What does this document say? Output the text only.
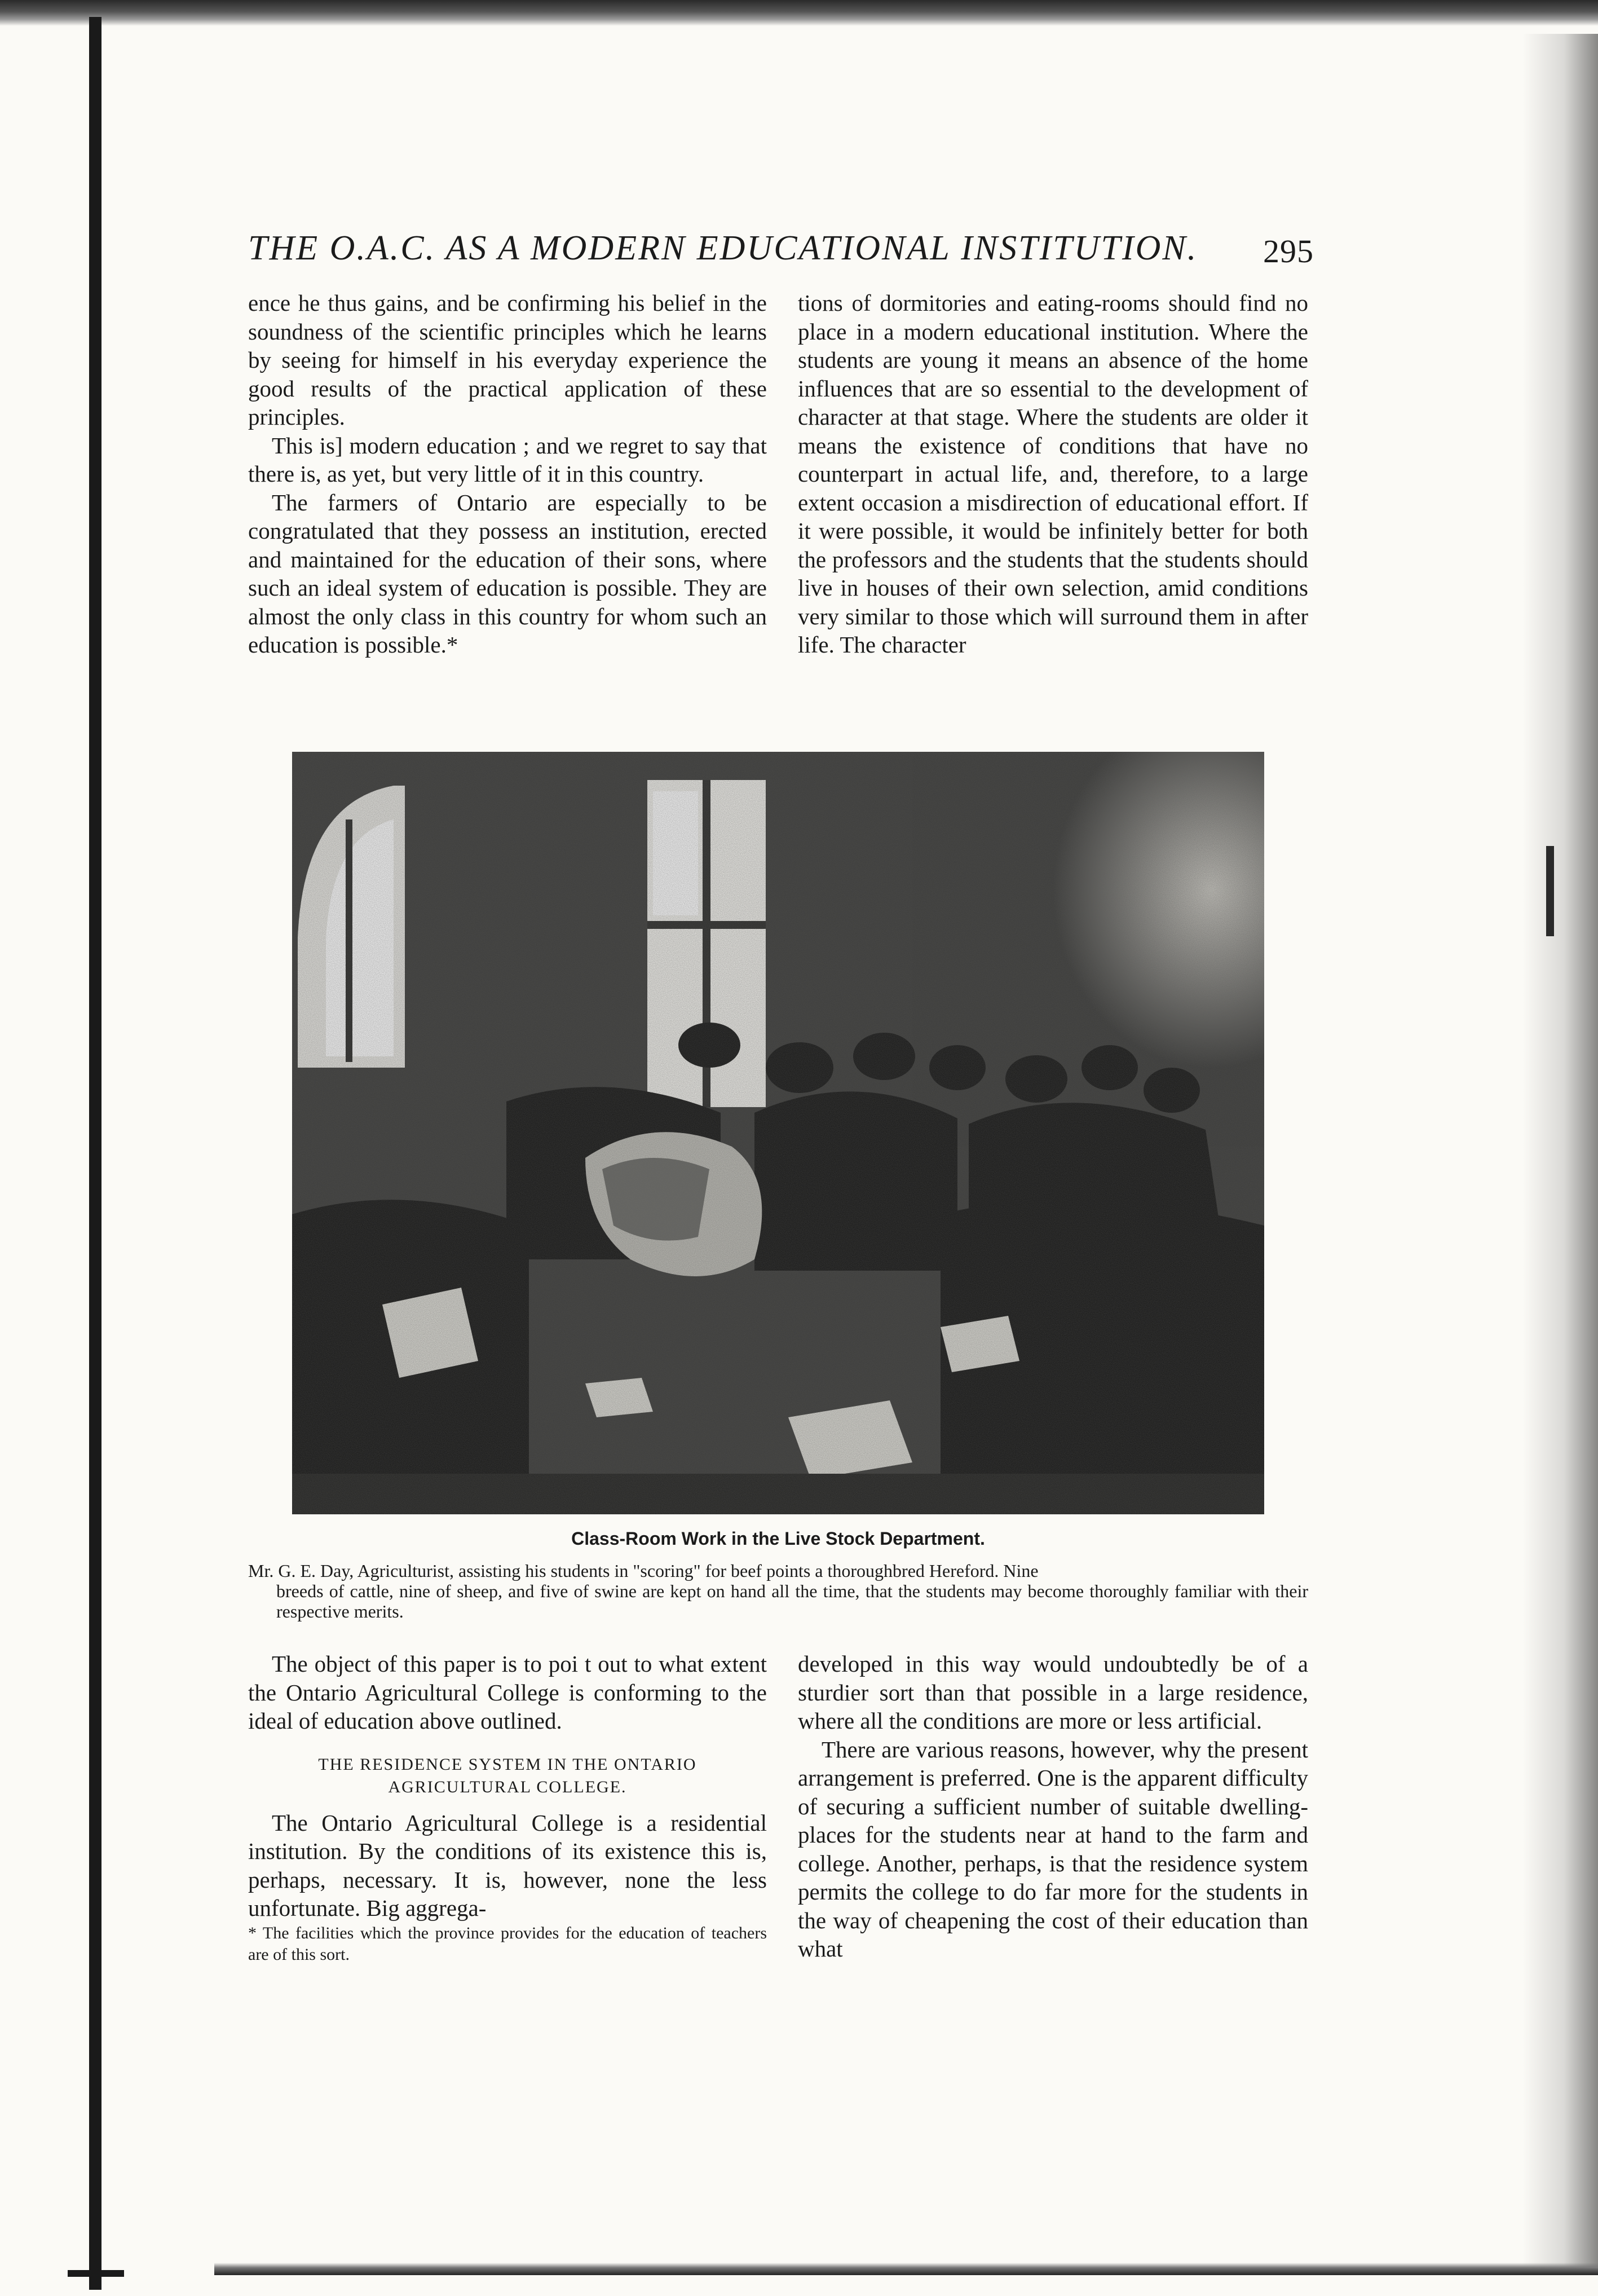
THE O.A.C. AS A MODERN EDUCATIONAL INSTITUTION.	295

ence he thus gains, and be confirming his belief in the soundness of the scientific principles which he learns by seeing for himself in his everyday experience the good results of the practical application of these principles.

This is] modern education ; and we regret to say that there is, as yet, but very little of it in this country.

The farmers of Ontario are especially to be congratulated that they possess an institution, erected and maintained for the education of their sons, where such an ideal system of education is possible. They are almost the only class in this country for whom such an education is possible.*

tions of dormitories and eating-rooms should find no place in a modern educational institution. Where the students are young it means an absence of the home influences that are so essential to the development of character at that stage. Where the students are older it means the existence of conditions that have no counterpart in actual life, and, therefore, to a large extent occasion a misdirection of educational effort. If it were possible, it would be infinitely better for both the professors and the students that the students should live in houses of their own selection, amid conditions very similar to those which will surround them in after life. The character

Class-Room Work in the Live Stock Department.
Mr. G. E. Day, Agriculturist, assisting his students in "scoring" for beef points a thoroughbred Hereford. Nine
breeds of cattle, nine of sheep, and five of swine are kept on hand all the time, that the students may become thoroughly familiar with their respective merits.

The object of this paper is to poi t out to what extent the Ontario Agricultural College is conforming to the ideal of education above outlined.

THE RESIDENCE SYSTEM IN THE ONTARIO AGRICULTURAL COLLEGE.

The Ontario Agricultural College is a residential institution. By the conditions of its existence this is, perhaps, necessary. It is, however, none the less unfortunate. Big aggrega-

* The facilities which the province provides for the education of teachers are of this sort.

developed in this way would undoubtedly be of a sturdier sort than that possible in a large residence, where all the conditions are more or less artificial.

There are various reasons, however, why the present arrangement is preferred. One is the apparent difficulty of securing a sufficient number of suitable dwelling-places for the students near at hand to the farm and college. Another, perhaps, is that the residence system permits the college to do far more for the students in the way of cheapening the cost of their education than what
